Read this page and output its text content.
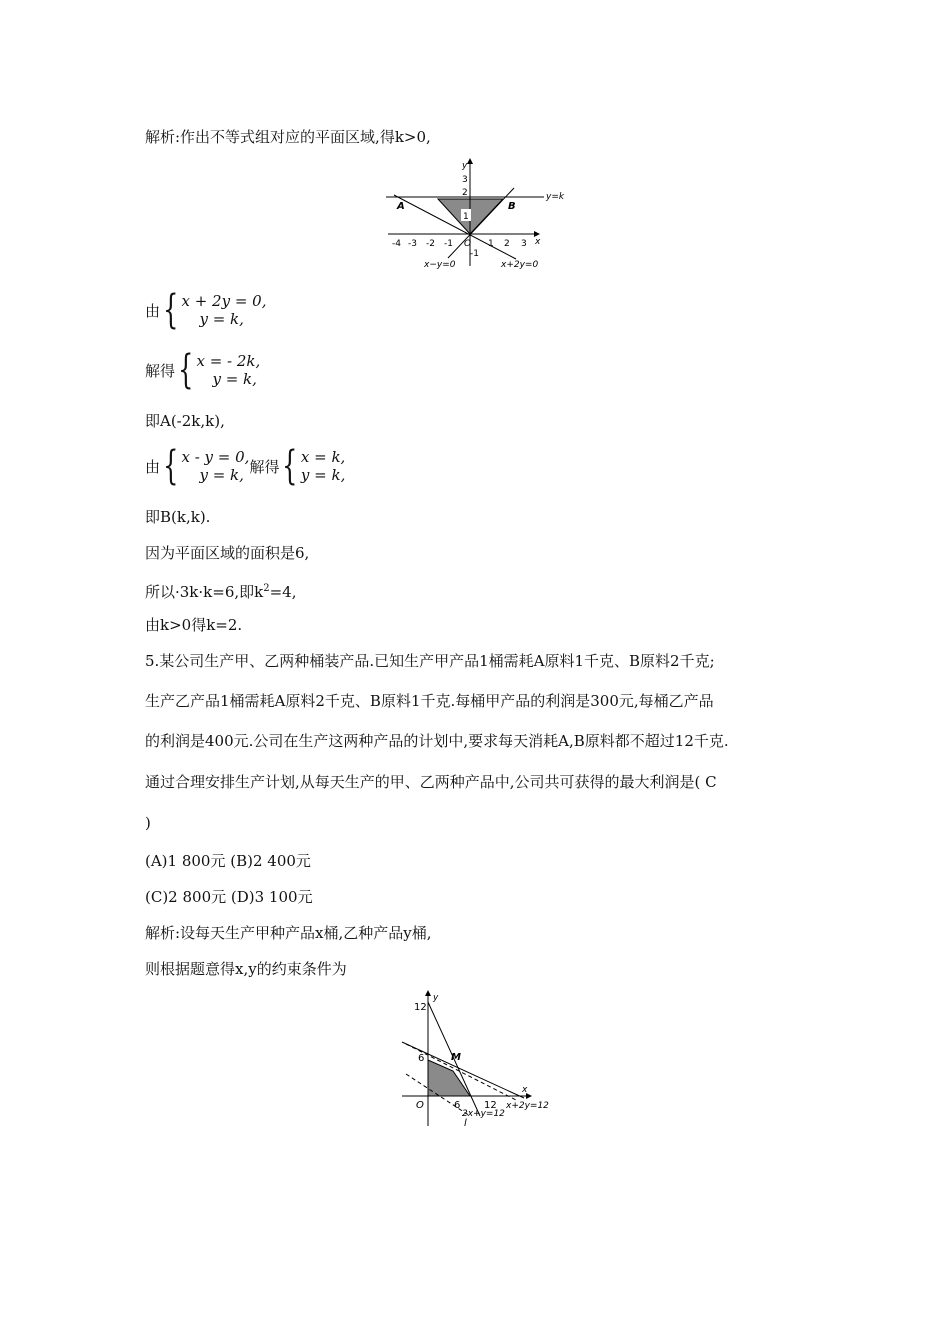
解析:作出不等式组对应的平面区域,得k>0,
-4 -3 -2 -1	1 2 3 x
y
3
2
1
-1
O
A	B
y=k
x−y=0	x+2y=0
由 { x + 2y = 0,
y = k,
解得 { x = - 2k,
y = k,
即A(-2k,k),
由 { x - y = 0,
y = k, 解得 { x = k,
y = k,
即B(k,k).
因为平面区域的面积是6,
所以·3k·k=6,即$k^2=4$,
由k>0得k=2.
5.某公司生产甲、乙两种桶装产品.已知生产甲产品1桶需耗A原料1千克、B原料2千克;
生产乙产品1桶需耗A原料2千克、B原料1千克.每桶甲产品的利润是300元,每桶乙产品
的利润是400元.公司在生产这两种产品的计划中,要求每天消耗A,B原料都不超过12千克.
通过合理安排生产计划,从每天生产的甲、乙两种产品中,公司共可获得的最大利润是( C
)
(A)1 800元 (B)2 400元
(C)2 800元 (D)3 100元
解析:设每天生产甲种产品x桶,乙种产品y桶,
则根据题意得x,y的约束条件为
y
12
6
O	6 12
x
M
2x+y=12
x+2y=12
l
